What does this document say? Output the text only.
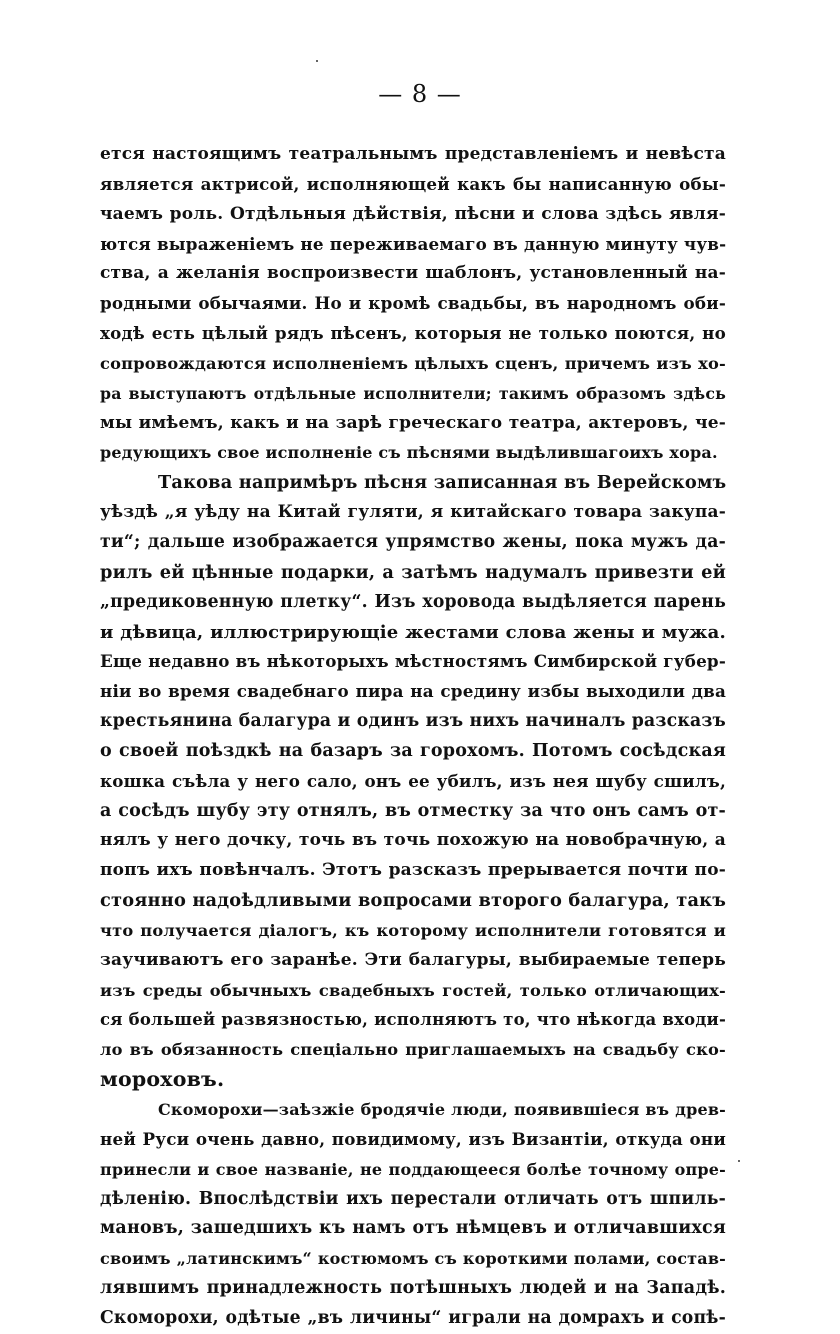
— 8 —
ется настоящимъ театральнымъ представленіемъ и невѣста
является актрисой, исполняющей какъ бы написанную обы-
чаемъ роль. Отдѣльныя дѣйствія, пѣсни и слова здѣсь явля-
ются выраженіемъ не переживаемаго въ данную минуту чув-
ства, а желанія воспроизвести шаблонъ, установленный на-
родными обычаями. Но и кромѣ свадьбы, въ народномъ оби-
ходѣ есть цѣлый рядъ пѣсенъ, которыя не только поются, но
сопровождаются исполненіемъ цѣлыхъ сценъ, причемъ изъ хо-
ра выступаютъ отдѣльные исполнители; такимъ образомъ здѣсь
мы имѣемъ, какъ и на зарѣ греческаго театра, актеровъ, че-
редующихъ свое исполненіе съ пѣснями выдѣлившагоихъ хора.
Такова напримѣръ пѣсня записанная въ Верейскомъ
уѣздѣ „я уѣду на Китай гуляти, я китайскаго товара закупа-
ти“; дальше изображается упрямство жены, пока мужъ да-
рилъ ей цѣнные подарки, а затѣмъ надумалъ привезти ей
„предиковенную плетку“. Изъ хоровода выдѣляется парень
и дѣвица, иллюстрирующіе жестами слова жены и мужа.
Еще недавно въ нѣкоторыхъ мѣстностямъ Симбирской губер-
ніи во время свадебнаго пира на средину избы выходили два
крестьянина балагура и одинъ изъ нихъ начиналъ разсказъ
о своей поѣздкѣ на базаръ за горохомъ. Потомъ сосѣдская
кошка съѣла у него сало, онъ ее убилъ, изъ нея шубу сшилъ,
а сосѣдъ шубу эту отнялъ, въ отместку за что онъ самъ от-
нялъ у него дочку, точь въ точь похожую на новобрачную, а
попъ ихъ повѣнчалъ. Этотъ разсказъ прерывается почти по-
стоянно надоѣдливыми вопросами второго балагура, такъ
что получается діалогъ, къ которому исполнители готовятся и
заучиваютъ его заранѣе. Эти балагуры, выбираемые теперь
изъ среды обычныхъ свадебныхъ гостей, только отличающих-
ся большей развязностью, исполняютъ то, что нѣкогда входи-
ло въ обязанность спеціально приглашаемыхъ на свадьбу ско-
мороховъ.
Скоморохи—заѣзжіе бродячіе люди, появившіеся въ древ-
ней Руси очень давно, повидимому, изъ Византіи, откуда они
принесли и свое названіе, не поддающееся болѣе точному опре-
дѣленію. Впослѣдствіи ихъ перестали отличать отъ шпиль-
мановъ, зашедшихъ къ намъ отъ нѣмцевъ и отличавшихся
своимъ „латинскимъ“ костюмомъ съ короткими полами, состав-
лявшимъ принадлежность потѣшныхъ людей и на Западѣ.
Скоморохи, одѣтые „въ личины“ играли на домрахъ и сопѣ-
